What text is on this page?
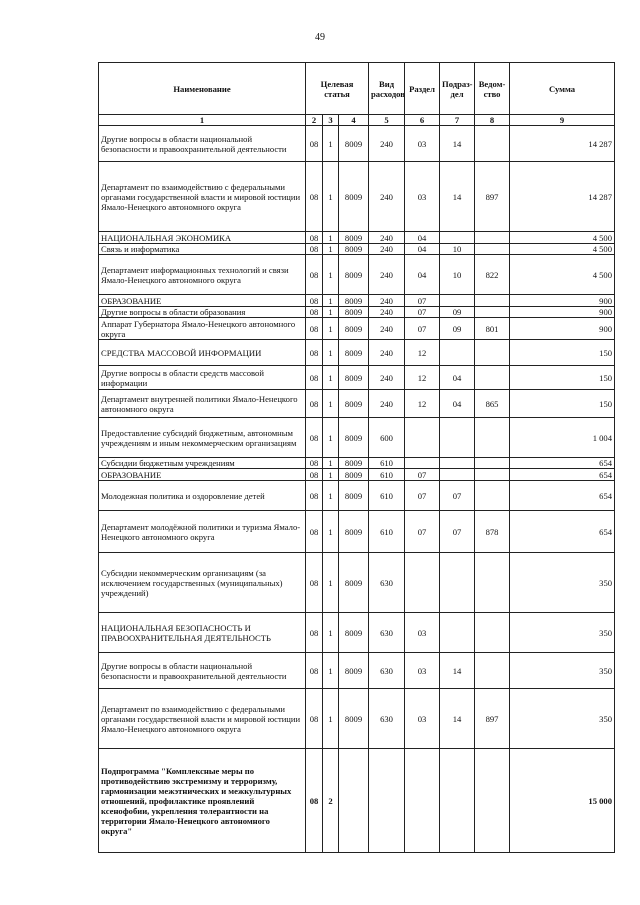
49
Наименование	Целевая статья			Вид расходов	Раздел	Подраз-дел	Ведом-ство	Сумма
1	2	3	4	5	6	7	8	9
Другие вопросы в области национальной безопасности и правоохранительной деятельности	08	1	8009	240	03	14		14 287
Департамент по взаимодействию с федеральными органами государственной власти и мировой юстиции Ямало-Ненецкого автономного округа	08	1	8009	240	03	14	897	14 287
НАЦИОНАЛЬНАЯ ЭКОНОМИКА	08	1	8009	240	04			4 500
Связь и информатика	08	1	8009	240	04	10		4 500
Департамент информационных технологий и связи Ямало-Ненецкого автономного округа	08	1	8009	240	04	10	822	4 500
ОБРАЗОВАНИЕ	08	1	8009	240	07			900
Другие вопросы в области образования	08	1	8009	240	07	09		900
Аппарат Губернатора Ямало-Ненецкого автономного округа	08	1	8009	240	07	09	801	900
СРЕДСТВА МАССОВОЙ ИНФОРМАЦИИ	08	1	8009	240	12			150
Другие вопросы в области средств массовой информации	08	1	8009	240	12	04		150
Департамент внутренней политики Ямало-Ненецкого автономного округа	08	1	8009	240	12	04	865	150
Предоставление субсидий бюджетным, автономным учреждениям и иным некоммерческим организациям	08	1	8009	600				1 004
Субсидии бюджетным учреждениям	08	1	8009	610				654
ОБРАЗОВАНИЕ	08	1	8009	610	07			654
Молодежная политика и оздоровление детей	08	1	8009	610	07	07		654
Департамент молодёжной политики и туризма Ямало-Ненецкого автономного округа	08	1	8009	610	07	07	878	654
Субсидии некоммерческим организациям (за исключением государственных (муниципальных) учреждений)	08	1	8009	630				350
НАЦИОНАЛЬНАЯ БЕЗОПАСНОСТЬ И ПРАВООХРАНИТЕЛЬНАЯ ДЕЯТЕЛЬНОСТЬ	08	1	8009	630	03			350
Другие вопросы в области национальной безопасности и правоохранительной деятельности	08	1	8009	630	03	14		350
Департамент по взаимодействию с федеральными органами государственной власти и мировой юстиции Ямало-Ненецкого автономного округа	08	1	8009	630	03	14	897	350
Подпрограмма "Комплексные меры по противодействию экстремизму и терроризму, гармонизации межэтнических и межкультурных отношений, профилактике проявлений ксенофобии, укрепления толерантности на территории Ямало-Ненецкого автономного округа"	08	2						15 000
